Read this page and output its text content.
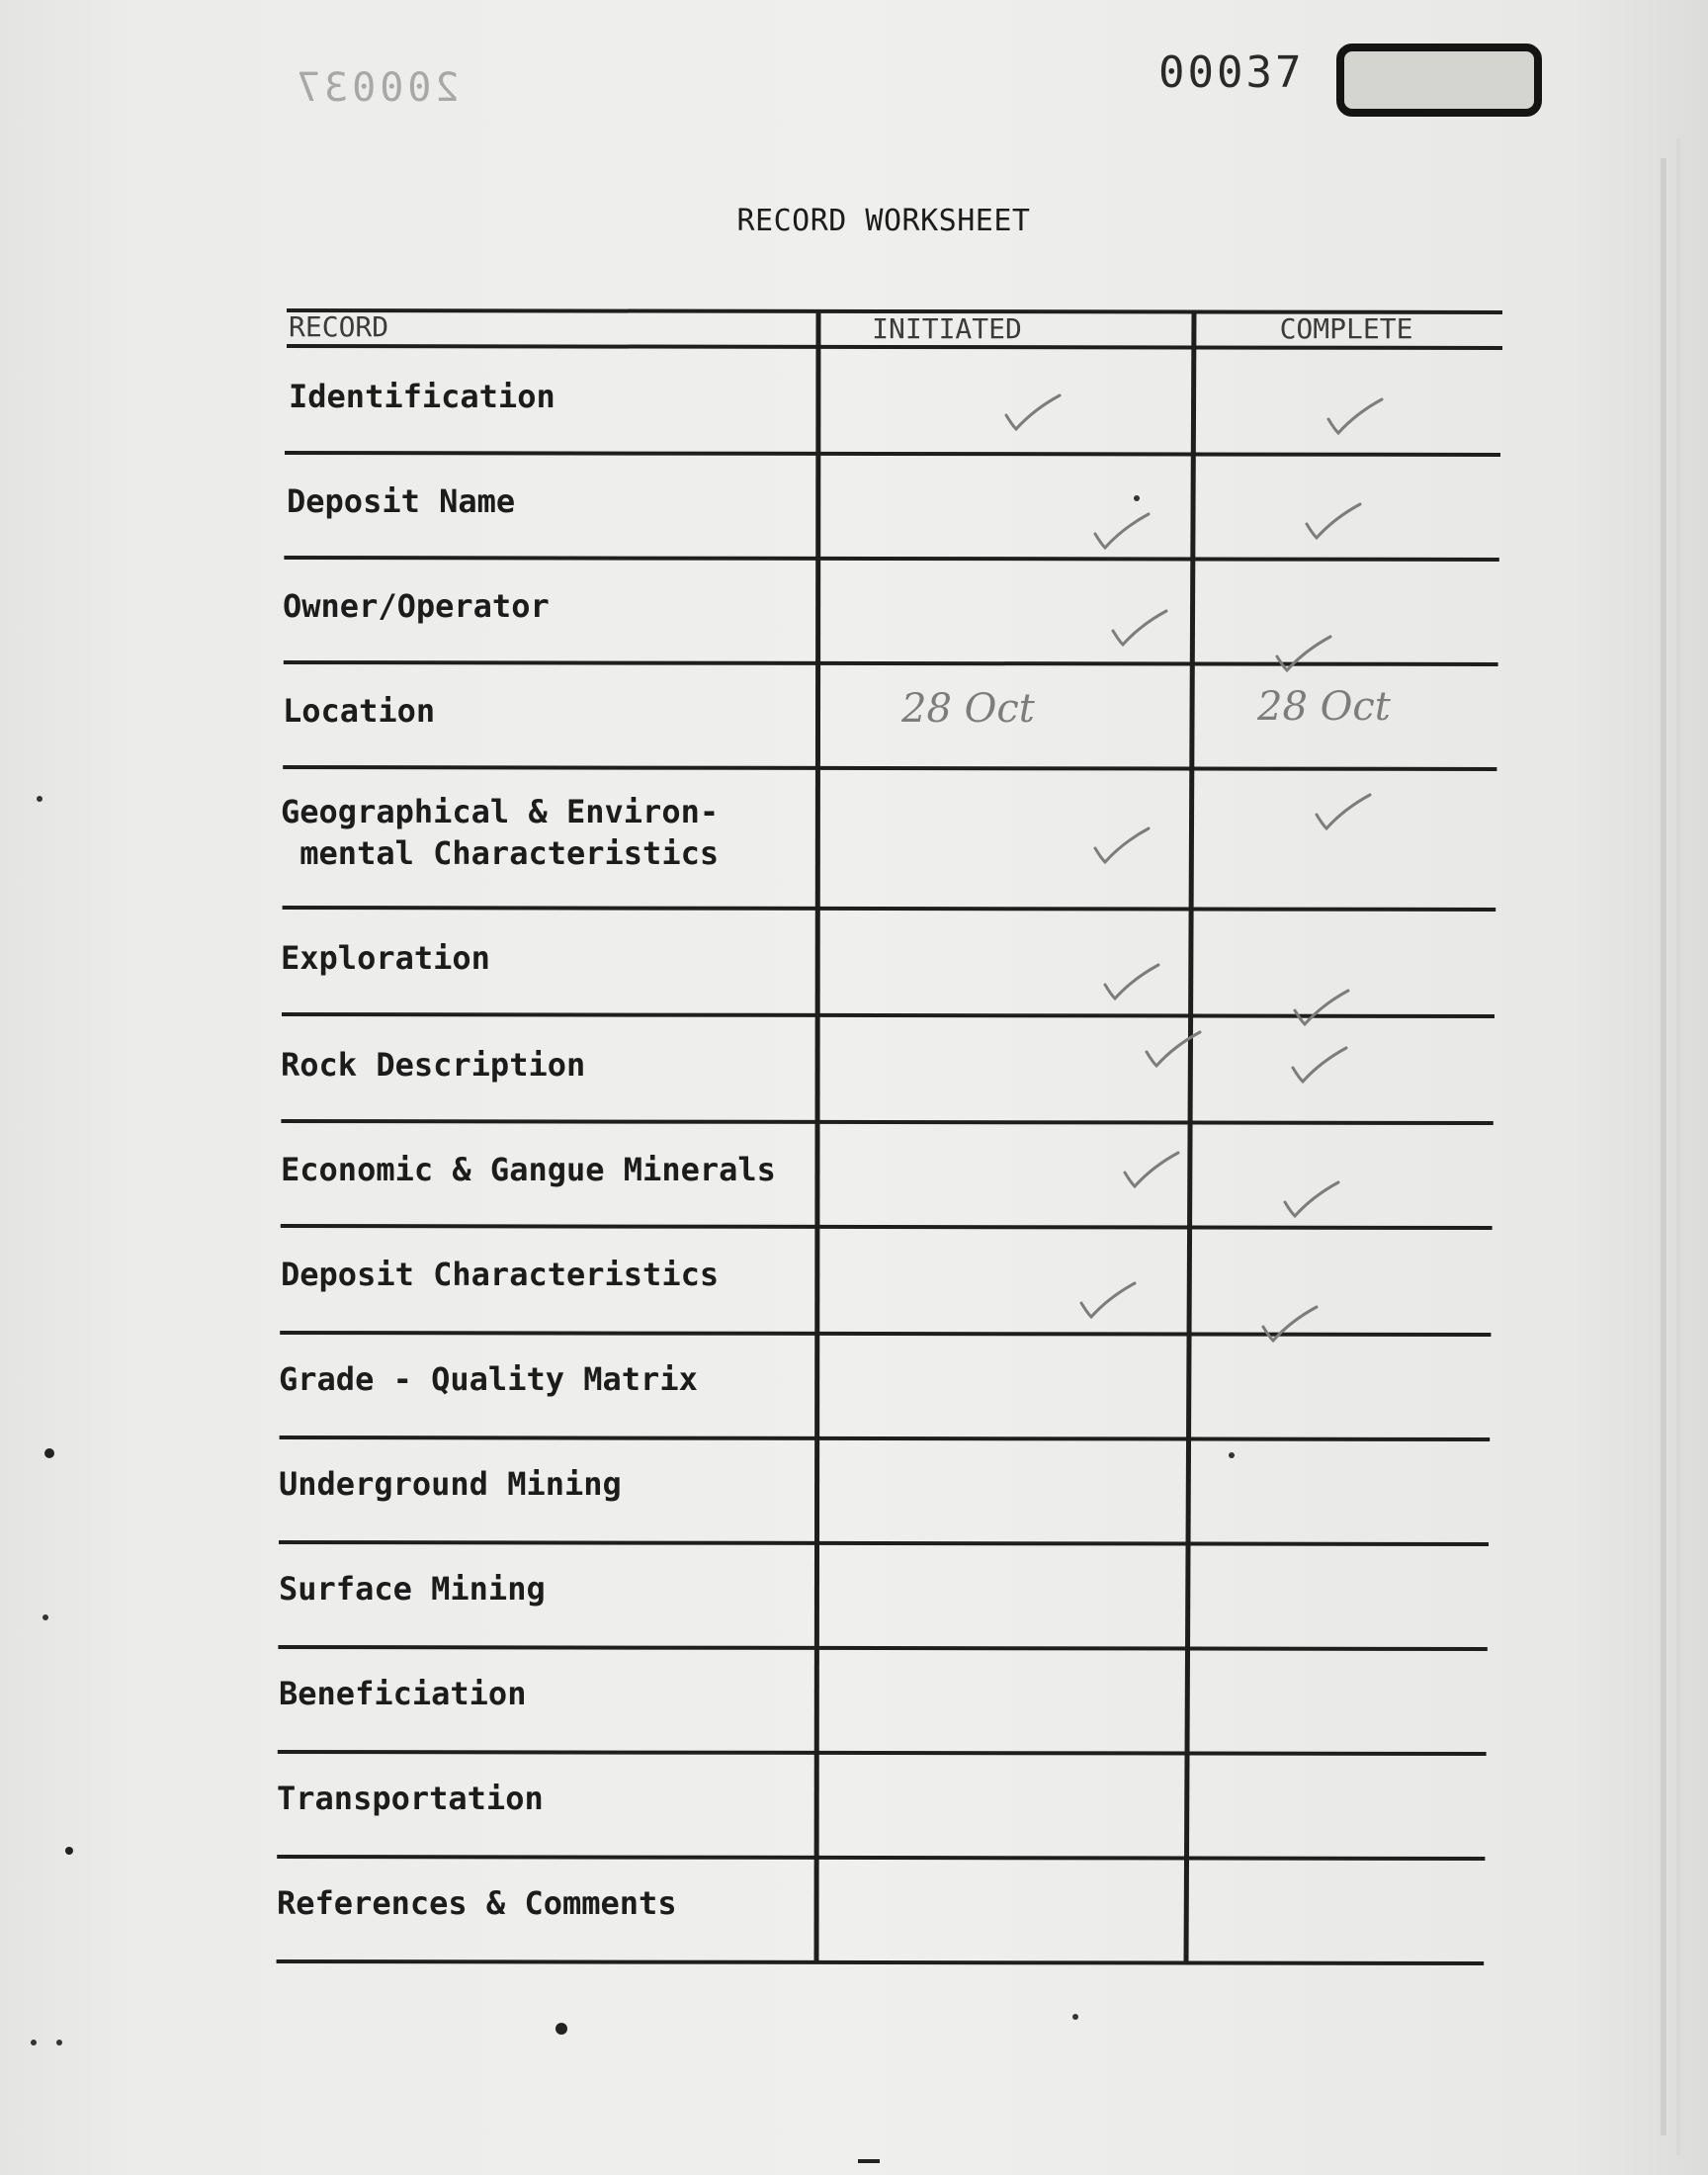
200037	00037
RECORD WORKSHEET
RECORD	INITIATED	COMPLETE
Identification
Deposit Name
Owner/Operator
Location	28 Oct	28 Oct
Geographical & Environ-
mental Characteristics
Exploration
Rock Description
Economic & Gangue Minerals
Deposit Characteristics
Grade - Quality Matrix
Underground Mining
Surface Mining
Beneficiation
Transportation
References & Comments
